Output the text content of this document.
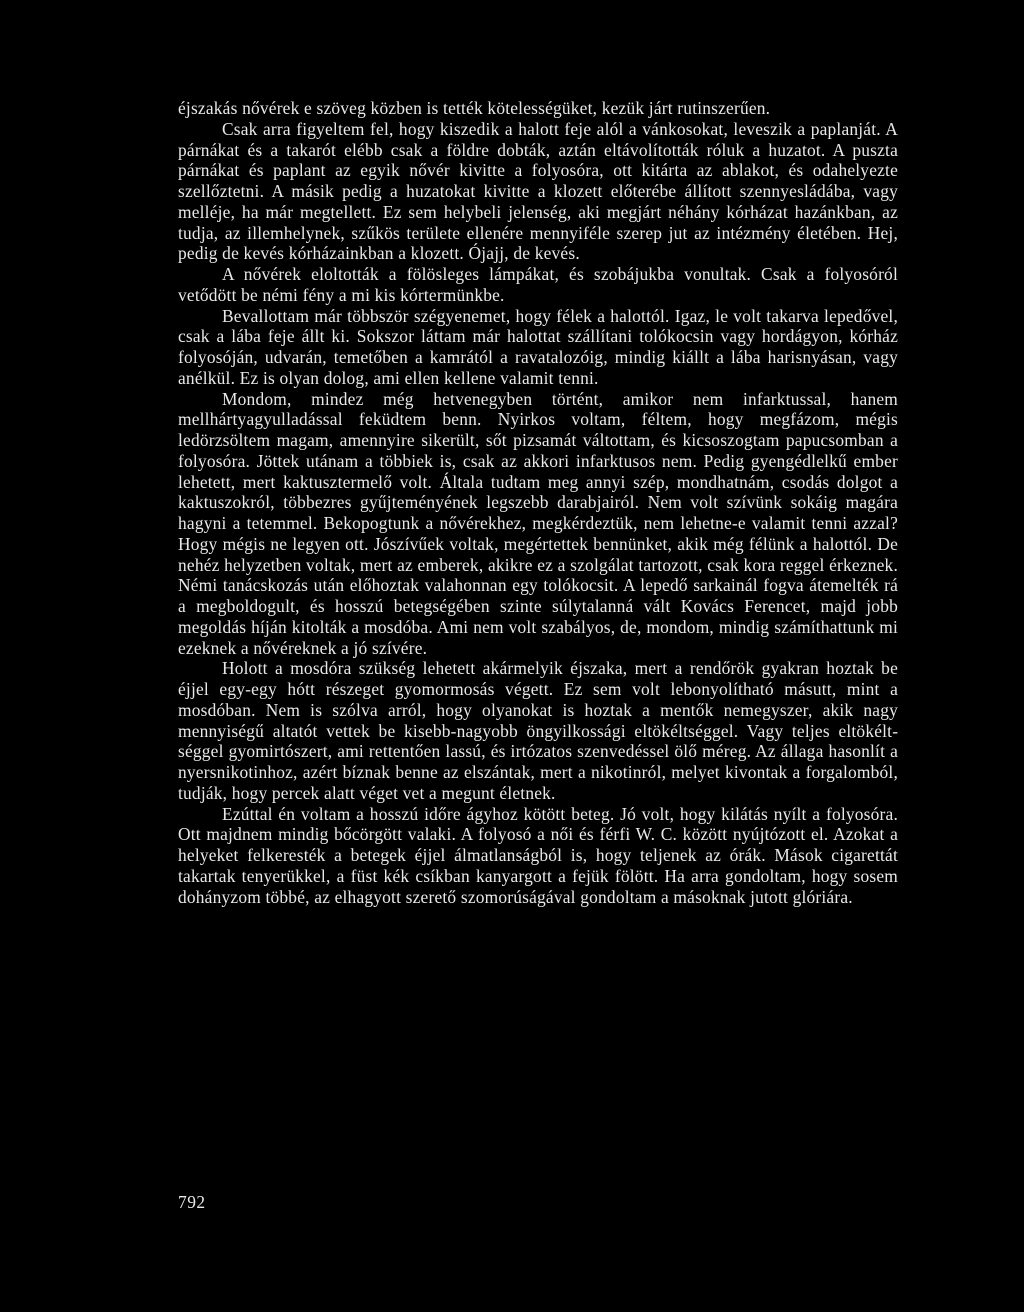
éjszakás nővérek e szöveg közben is tették kötelességüket, kezük járt rutinszerűen.

Csak arra figyeltem fel, hogy kiszedik a halott feje alól a vánkosokat, leveszik a paplanját. A párnákat és a takarót elébb csak a földre dobták, aztán eltávolították róluk a huzatot. A puszta párnákat és paplant az egyik nővér kivitte a folyosóra, ott kitárta az ablakot, és odahelyezte szellőztetni. A másik pedig a huzatokat kivitte a klozett előterébe állított szennyesládába, vagy melléje, ha már megtellett. Ez sem helybeli jelenség, aki megjárt néhány kórházat hazánkban, az tudja, az illemhelynek, szűkös területe ellenére mennyiféle szerep jut az intézmény életében. Hej, pedig de kevés kórházainkban a klozett. Ójajj, de kevés.

A nővérek eloltották a fölösleges lámpákat, és szobájukba vonultak. Csak a folyosóról vetődött be némi fény a mi kis kórtermünkbe.

Bevallottam már többször szégyenemet, hogy félek a halottól. Igaz, le volt takarva lepedővel, csak a lába feje állt ki. Sokszor láttam már halottat szállítani tolókocsin vagy hordágyon, kórház folyosóján, udvarán, temetőben a kamrától a ravatalozóig, mindig kiállt a lába harisnyásan, vagy anélkül. Ez is olyan dolog, ami ellen kellene valamit tenni.

Mondom, mindez még hetvenegyben történt, amikor nem infarktussal, hanem mellhártyagyulladással feküdtem benn. Nyirkos voltam, féltem, hogy megfázom, mégis ledörzsöltem magam, amennyire sikerült, sőt pizsamát váltottam, és kicsoszogtam papucsomban a folyosóra. Jöttek utánam a többiek is, csak az akkori infarktusos nem. Pedig gyengédlelkű ember lehetett, mert kaktusztermelő volt. Általa tudtam meg annyi szép, mondhatnám, csodás dolgot a kaktuszokról, többezres gyűjteményének legszebb darabjairól. Nem volt szívünk sokáig magára hagyni a tetemmel. Bekopogtunk a nővérekhez, megkérdeztük, nem lehetne-e valamit tenni azzal? Hogy mégis ne legyen ott. Jószívűek voltak, megértettek bennünket, akik még félünk a halottól. De nehéz helyzetben voltak, mert az emberek, akikre ez a szolgálat tartozott, csak kora reggel érkeznek. Némi tanácskozás után előhoztak valahonnan egy tolókocsit. A lepedő sarkainál fogva átemelték rá a megboldogult, és hosszú betegségében szinte súlytalanná vált Kovács Ferencet, majd jobb megoldás híján kitolták a mosdóba. Ami nem volt szabályos, de, mondom, mindig számíthattunk mi ezeknek a nővéreknek a jó szívére.

Holott a mosdóra szükség lehetett akármelyik éjszaka, mert a rendőrök gyakran hoztak be éjjel egy-egy hótt részeget gyomormosás végett. Ez sem volt lebonyolítható másutt, mint a mosdóban. Nem is szólva arról, hogy olyanokat is hoztak a mentők nemegyszer, akik nagy mennyiségű altatót vettek be kisebb-nagyobb öngyilkossági eltökéltséggel. Vagy teljes eltökéltséggel gyomirtószert, ami rettentően lassú, és irtózatos szenvedéssel ölő méreg. Az állaga hasonlít a nyersnikotinhoz, azért bíznak benne az elszántak, mert a nikotinról, melyet kivontak a forgalomból, tudják, hogy percek alatt véget vet a megunt életnek.

Ezúttal én voltam a hosszú időre ágyhoz kötött beteg. Jó volt, hogy kilátás nyílt a folyosóra. Ott majdnem mindig bőcörgött valaki. A folyosó a női és férfi W. C. között nyújtózott el. Azokat a helyeket felkeresték a betegek éjjel álmatlanságból is, hogy teljenek az órák. Mások cigarettát takartak tenyerükkel, a füst kék csíkban kanyargott a fejük fölött. Ha arra gondoltam, hogy sosem dohányzom többé, az elhagyott szerető szomorúságával gondoltam a másoknak jutott glóriára.

792
